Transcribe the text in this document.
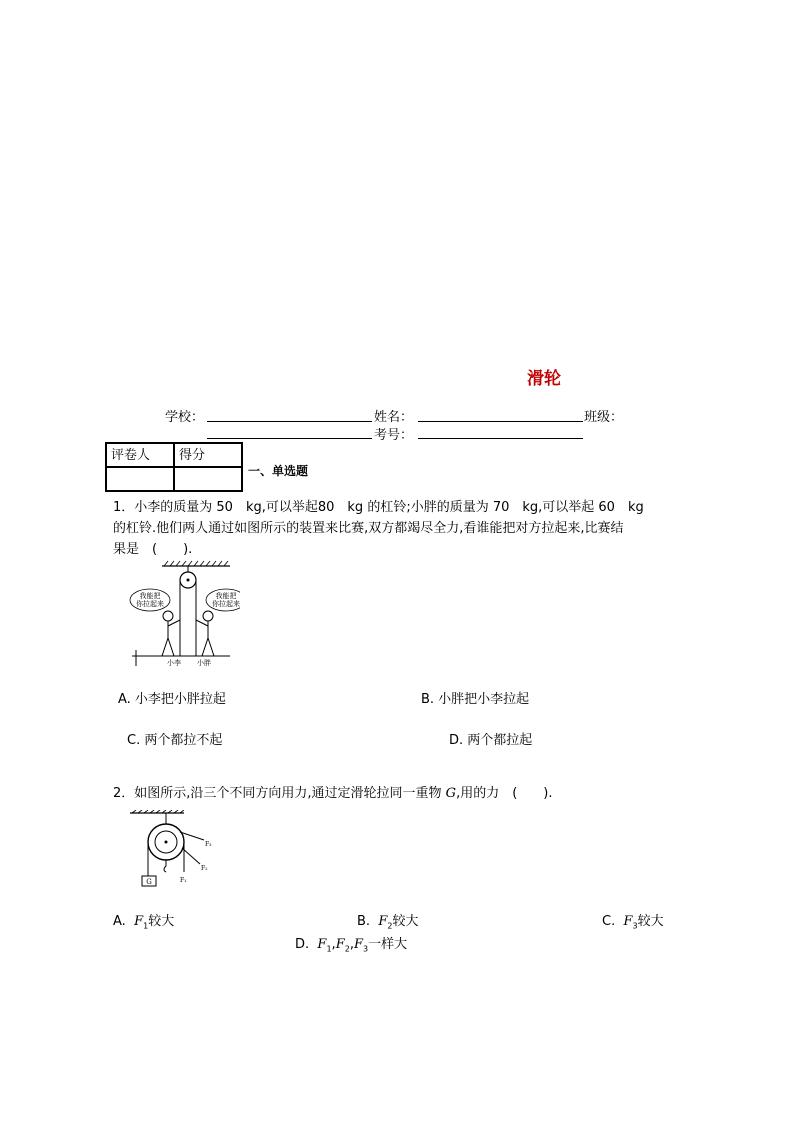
滑轮
学校：	姓名：	班级：
考号：
评卷人	得分

一、单选题
1．小李的质量为 50　kg,可以举起80　kg 的杠铃;小胖的质量为 70　kg,可以举起 60　kg
的杠铃.他们两人通过如图所示的装置来比赛,双方都竭尽全力,看谁能把对方拉起来,比赛结
果是　(　　).
我能把
你拉起来
我能把
你拉起来
小李 小胖
A. 小李把小胖拉起	B. 小胖把小李拉起
C. 两个都拉不起	D. 两个都拉起
2．如图所示,沿三个不同方向用力,通过定滑轮拉同一重物 G,用的力　(　　).
G	F₁
F₂
F₃
A. $F_1$较大	B. $F_2$较大	C. $F_3$较大
D. $F_1,F_2,F_3$一样大
